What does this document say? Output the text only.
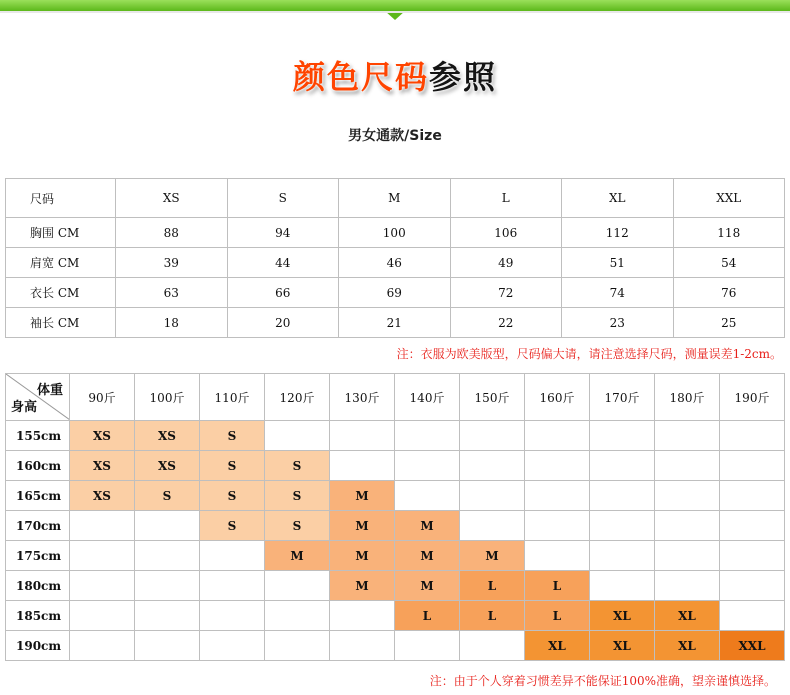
颜色尺码参照
男女通款/Size
尺码	XS	S	M	L	XL	XXL
胸围 CM	88	94	100	106	112	118
肩宽 CM	39	44	46	49	51	54
衣长 CM	63	66	69	72	74	76
袖长 CM	18	20	21	22	23	25
注：衣服为欧美版型，尺码偏大请，请注意选择尺码，测量误差1-2cm。
体重
身高	90斤	100斤	110斤	120斤	130斤	140斤	150斤	160斤	170斤	180斤	190斤
155cm	XS	XS	S								
160cm	XS	XS	S	S							
165cm	XS	S	S	S	M						
170cm			S	S	M	M					
175cm				M	M	M	M				
180cm					M	M	L	L			
185cm						L	L	L	XL	XL	
190cm								XL	XL	XL	XXL
注：由于个人穿着习惯差异不能保证100%准确，望亲谨慎选择。
